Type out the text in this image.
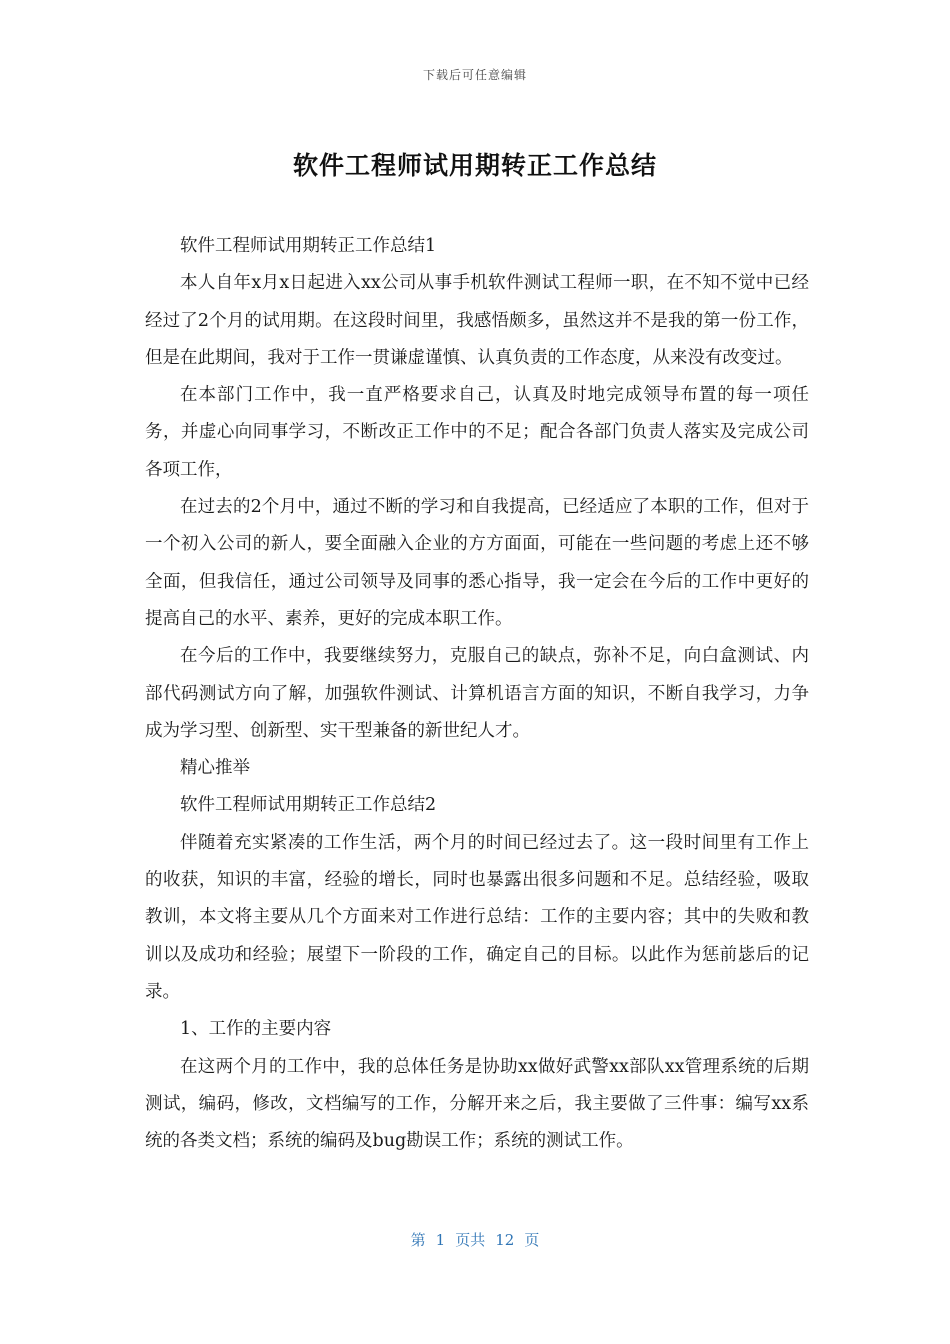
下载后可任意编辑
软件工程师试用期转正工作总结

软件工程师试用期转正工作总结1

本人自年x月x日起进入xx公司从事手机软件测试工程师一职，在不知不觉中已经经过了2个月的试用期。在这段时间里，我感悟颇多，虽然这并不是我的第一份工作，但是在此期间，我对于工作一贯谦虚谨慎、认真负责的工作态度，从来没有改变过。

在本部门工作中，我一直严格要求自己，认真及时地完成领导布置的每一项任务，并虚心向同事学习，不断改正工作中的不足；配合各部门负责人落实及完成公司各项工作，

在过去的2个月中，通过不断的学习和自我提高，已经适应了本职的工作，但对于一个初入公司的新人，要全面融入企业的方方面面，可能在一些问题的考虑上还不够全面，但我信任，通过公司领导及同事的悉心指导，我一定会在今后的工作中更好的提高自己的水平、素养，更好的完成本职工作。

在今后的工作中，我要继续努力，克服自己的缺点，弥补不足，向白盒测试、内部代码测试方向了解，加强软件测试、计算机语言方面的知识，不断自我学习，力争成为学习型、创新型、实干型兼备的新世纪人才。

精心推举

软件工程师试用期转正工作总结2

伴随着充实紧凑的工作生活，两个月的时间已经过去了。这一段时间里有工作上的收获，知识的丰富，经验的增长，同时也暴露出很多问题和不足。总结经验，吸取教训，本文将主要从几个方面来对工作进行总结：工作的主要内容；其中的失败和教训以及成功和经验；展望下一阶段的工作，确定自己的目标。以此作为惩前毖后的记录。

1、工作的主要内容

在这两个月的工作中，我的总体任务是协助xx做好武警xx部队xx管理系统的后期测试，编码，修改，文档编写的工作，分解开来之后，我主要做了三件事：编写xx系统的各类文档；系统的编码及bug勘误工作；系统的测试工作。

第 1 页共 12 页
